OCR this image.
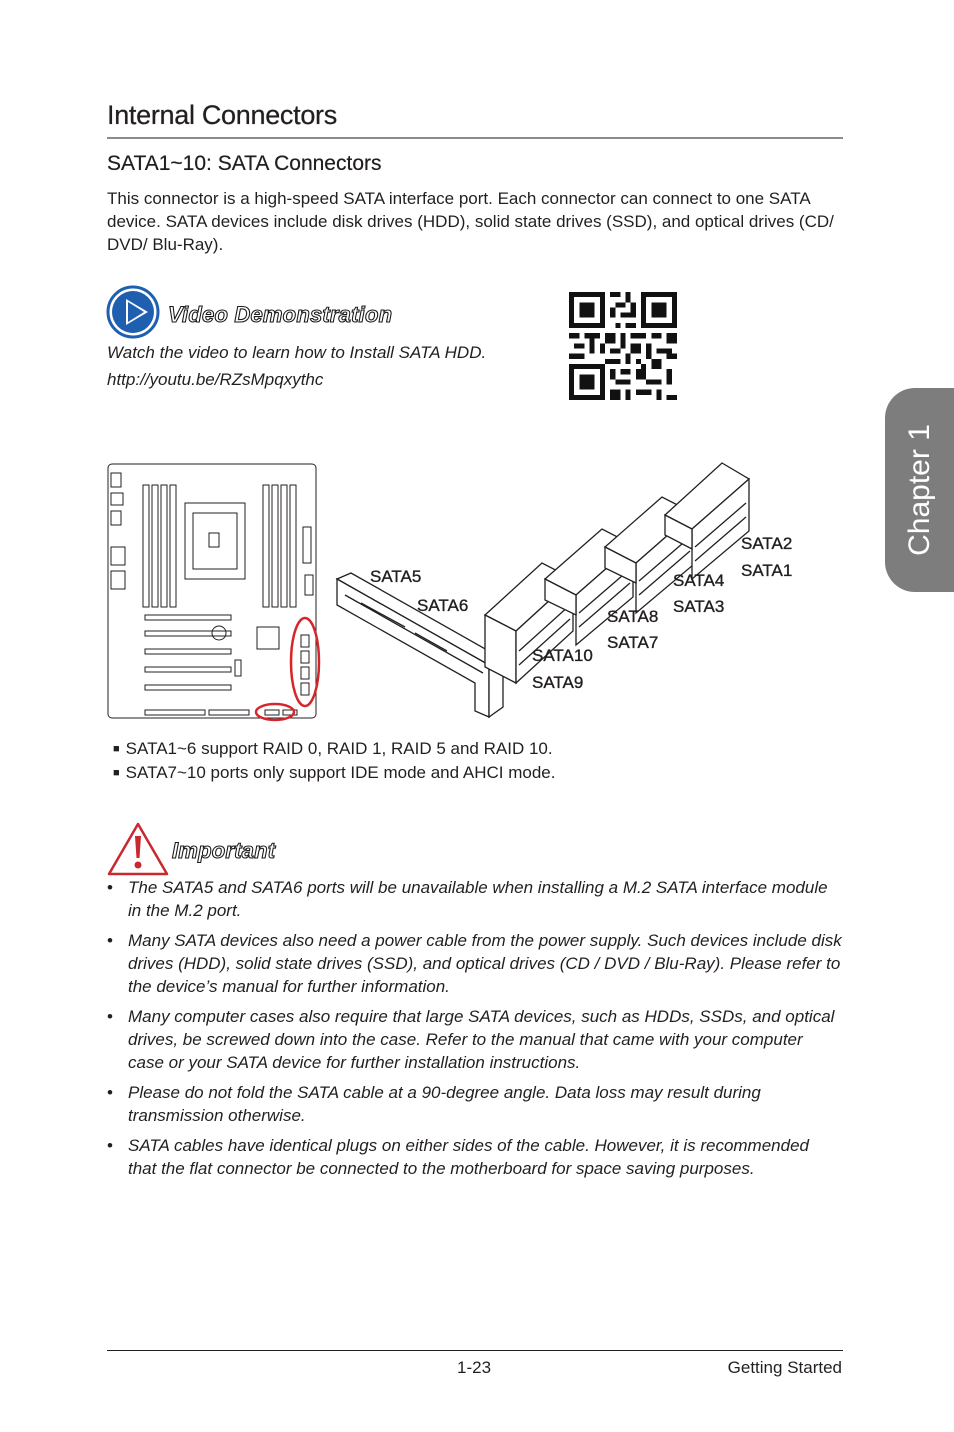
Internal Connectors
SATA1~10: SATA Connectors
This connector is a high-speed SATA interface port. Each connector can connect to one SATA device. SATA devices include disk drives (HDD), solid state drives (SSD), and optical drives (CD/ DVD/ Blu-Ray).
Video Demonstration
Watch the video to learn how to Install SATA HDD.
http://youtu.be/RZsMpqxythc
SATA5
SATA6
SATA10
SATA9
SATA8
SATA7
SATA4
SATA3
SATA2
SATA1
■ SATA1~6 support RAID 0, RAID 1, RAID 5 and RAID 10.
■ SATA7~10 ports only support IDE mode and AHCI mode.
Important
• The SATA5 and SATA6 ports will be unavailable when installing a M.2 SATA interface module in the M.2 port.
• Many SATA devices also need a power cable from the power supply. Such devices include disk drives (HDD), solid state drives (SSD), and optical drives (CD / DVD / Blu-Ray). Please refer to the device’s manual for further information.
• Many computer cases also require that large SATA devices, such as HDDs, SSDs, and optical drives, be screwed down into the case. Refer to the manual that came with your computer case or your SATA device for further installation instructions.
• Please do not fold the SATA cable at a 90-degree angle. Data loss may result during transmission otherwise.
• SATA cables have identical plugs on either sides of the cable. However, it is recommended that the flat connector be connected to the motherboard for space saving purposes.
Chapter 1
1-23	Getting Started
